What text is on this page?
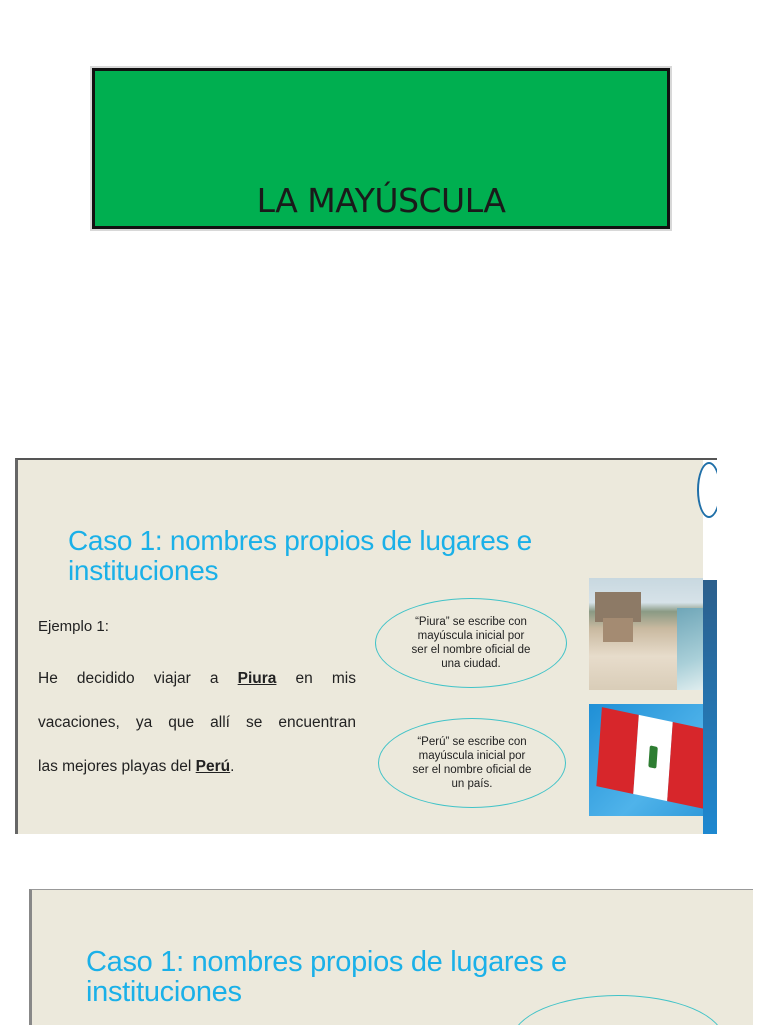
LA MAYÚSCULA
Caso 1: nombres propios de lugares e
instituciones
Ejemplo 1:
He decidido viajar a Piura en mis
vacaciones, ya que allí se encuentran
las mejores playas del Perú.
“Piura” se escribe con mayúscula inicial por ser el nombre oficial de una ciudad.
“Perú” se escribe con mayúscula inicial por ser el nombre oficial de un país.
Caso 1: nombres propios de lugares e
instituciones
